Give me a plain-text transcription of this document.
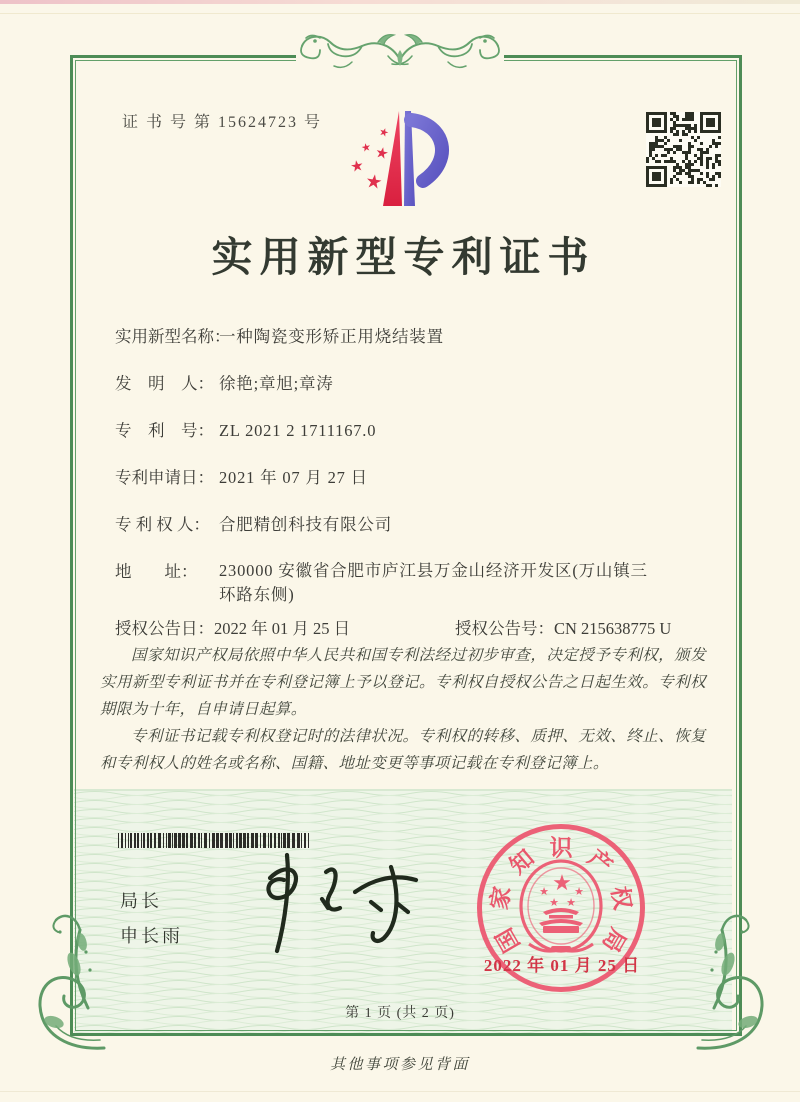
证 书 号 第 15624723 号
★
★ ★
★
★
实用新型专利证书
实用新型名称：
一种陶瓷变形矫正用烧结装置
发　明　人： 徐艳;章旭;章涛
专　利　号： ZL 2021 2 1711167.0
专利申请日： 2021 年 07 月 27 日
专 利 权 人： 合肥精创科技有限公司
地　　址：	230000 安徽省合肥市庐江县万金山经济开发区(万山镇三环路东侧)
授权公告日： 2022 年 01 月 25 日	授权公告号： CN 215638775 U

国家知识产权局依照中华人民共和国专利法经过初步审查，决定授予专利权，颁发实用新型专利证书并在专利登记簿上予以登记。专利权自授权公告之日起生效。专利权期限为十年，自申请日起算。

专利证书记载专利权登记时的法律状况。专利权的转移、质押、无效、终止、恢复和专利权人的姓名或名称、国籍、地址变更等事项记载在专利登记簿上。

局长
申长雨	国
家
知 识 产
权
局
★
★ ★
★ ★
2022 年 01 月 25 日
第 1 页 (共 2 页)
其他事项参见背面
